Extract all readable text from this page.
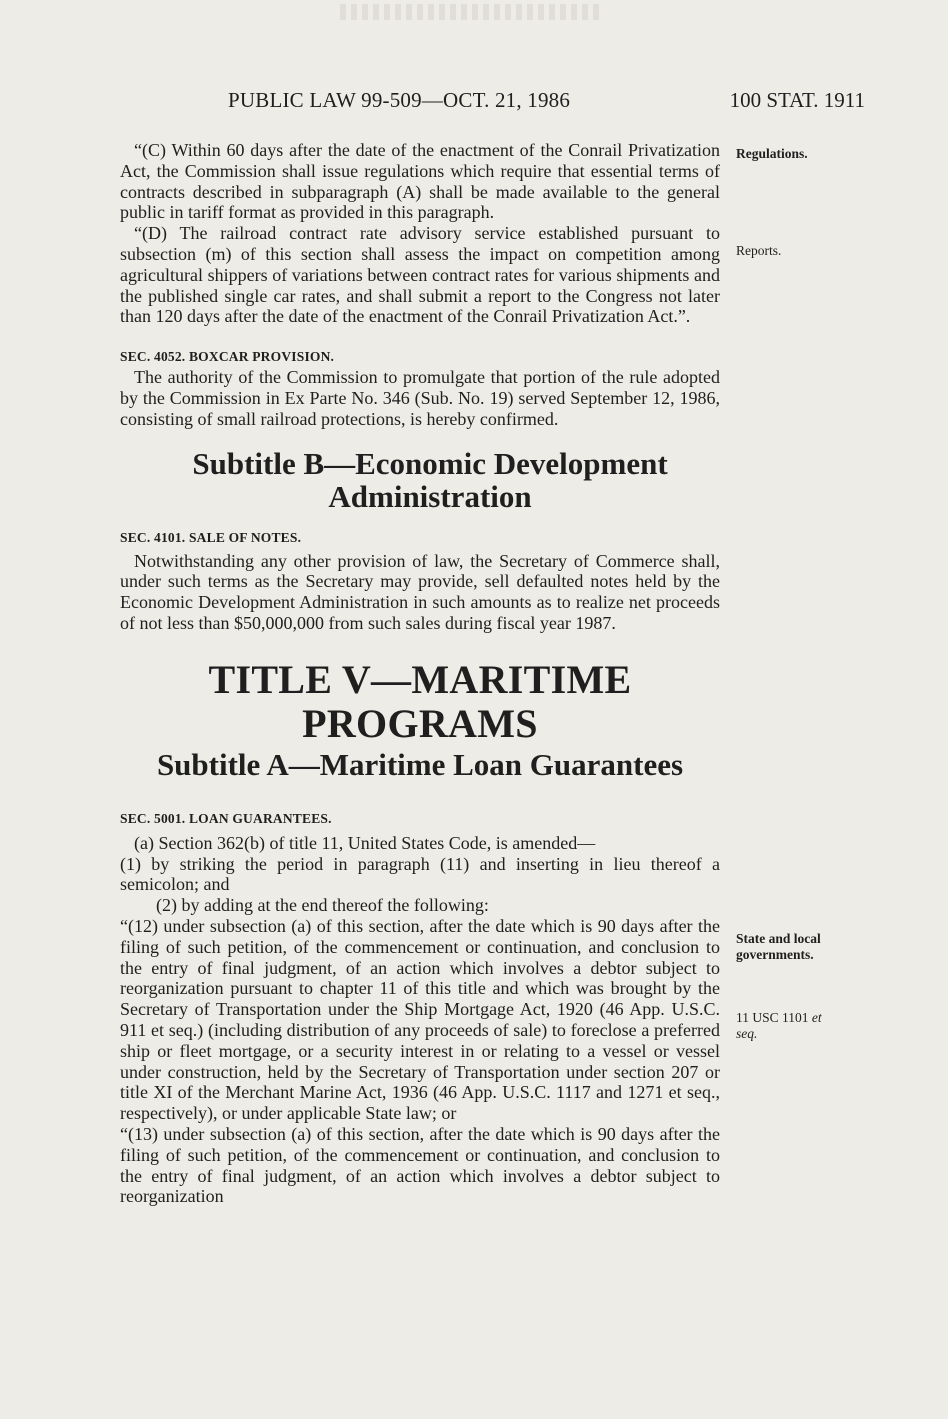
PUBLIC LAW 99-509—OCT. 21, 1986	100 STAT. 1911
Regulations.
Reports.
State and local
governments.
11 USC 1101 et
seq.

“(C) Within 60 days after the date of the enactment of the Conrail Privatization Act, the Commission shall issue regulations which require that essential terms of contracts described in subparagraph (A) shall be made available to the general public in tariff format as provided in this paragraph.

“(D) The railroad contract rate advisory service established pursuant to subsection (m) of this section shall assess the impact on competition among agricultural shippers of variations between contract rates for various shipments and the published single car rates, and shall submit a report to the Congress not later than 120 days after the date of the enactment of the Conrail Privatization Act.”.

SEC. 4052. BOXCAR PROVISION.

The authority of the Commission to promulgate that portion of the rule adopted by the Commission in Ex Parte No. 346 (Sub. No. 19) served September 12, 1986, consisting of small railroad protections, is hereby confirmed.

Subtitle B—Economic Development Administration

SEC. 4101. SALE OF NOTES.

Notwithstanding any other provision of law, the Secretary of Commerce shall, under such terms as the Secretary may provide, sell defaulted notes held by the Economic Development Administration in such amounts as to realize net proceeds of not less than $50,000,000 from such sales during fiscal year 1987.

TITLE V—MARITIME PROGRAMS

Subtitle A—Maritime Loan Guarantees

SEC. 5001. LOAN GUARANTEES.

(a) Section 362(b) of title 11, United States Code, is amended—

(1) by striking the period in paragraph (11) and inserting in lieu thereof a semicolon; and

(2) by adding at the end thereof the following:

“(12) under subsection (a) of this section, after the date which is 90 days after the filing of such petition, of the commencement or continuation, and conclusion to the entry of final judgment, of an action which involves a debtor subject to reorganization pursuant to chapter 11 of this title and which was brought by the Secretary of Transportation under the Ship Mortgage Act, 1920 (46 App. U.S.C. 911 et seq.) (including distribution of any proceeds of sale) to foreclose a preferred ship or fleet mortgage, or a security interest in or relating to a vessel or vessel under construction, held by the Secretary of Transportation under section 207 or title XI of the Merchant Marine Act, 1936 (46 App. U.S.C. 1117 and 1271 et seq., respectively), or under applicable State law; or

“(13) under subsection (a) of this section, after the date which is 90 days after the filing of such petition, of the commencement or continuation, and conclusion to the entry of final judgment, of an action which involves a debtor subject to reorganization
